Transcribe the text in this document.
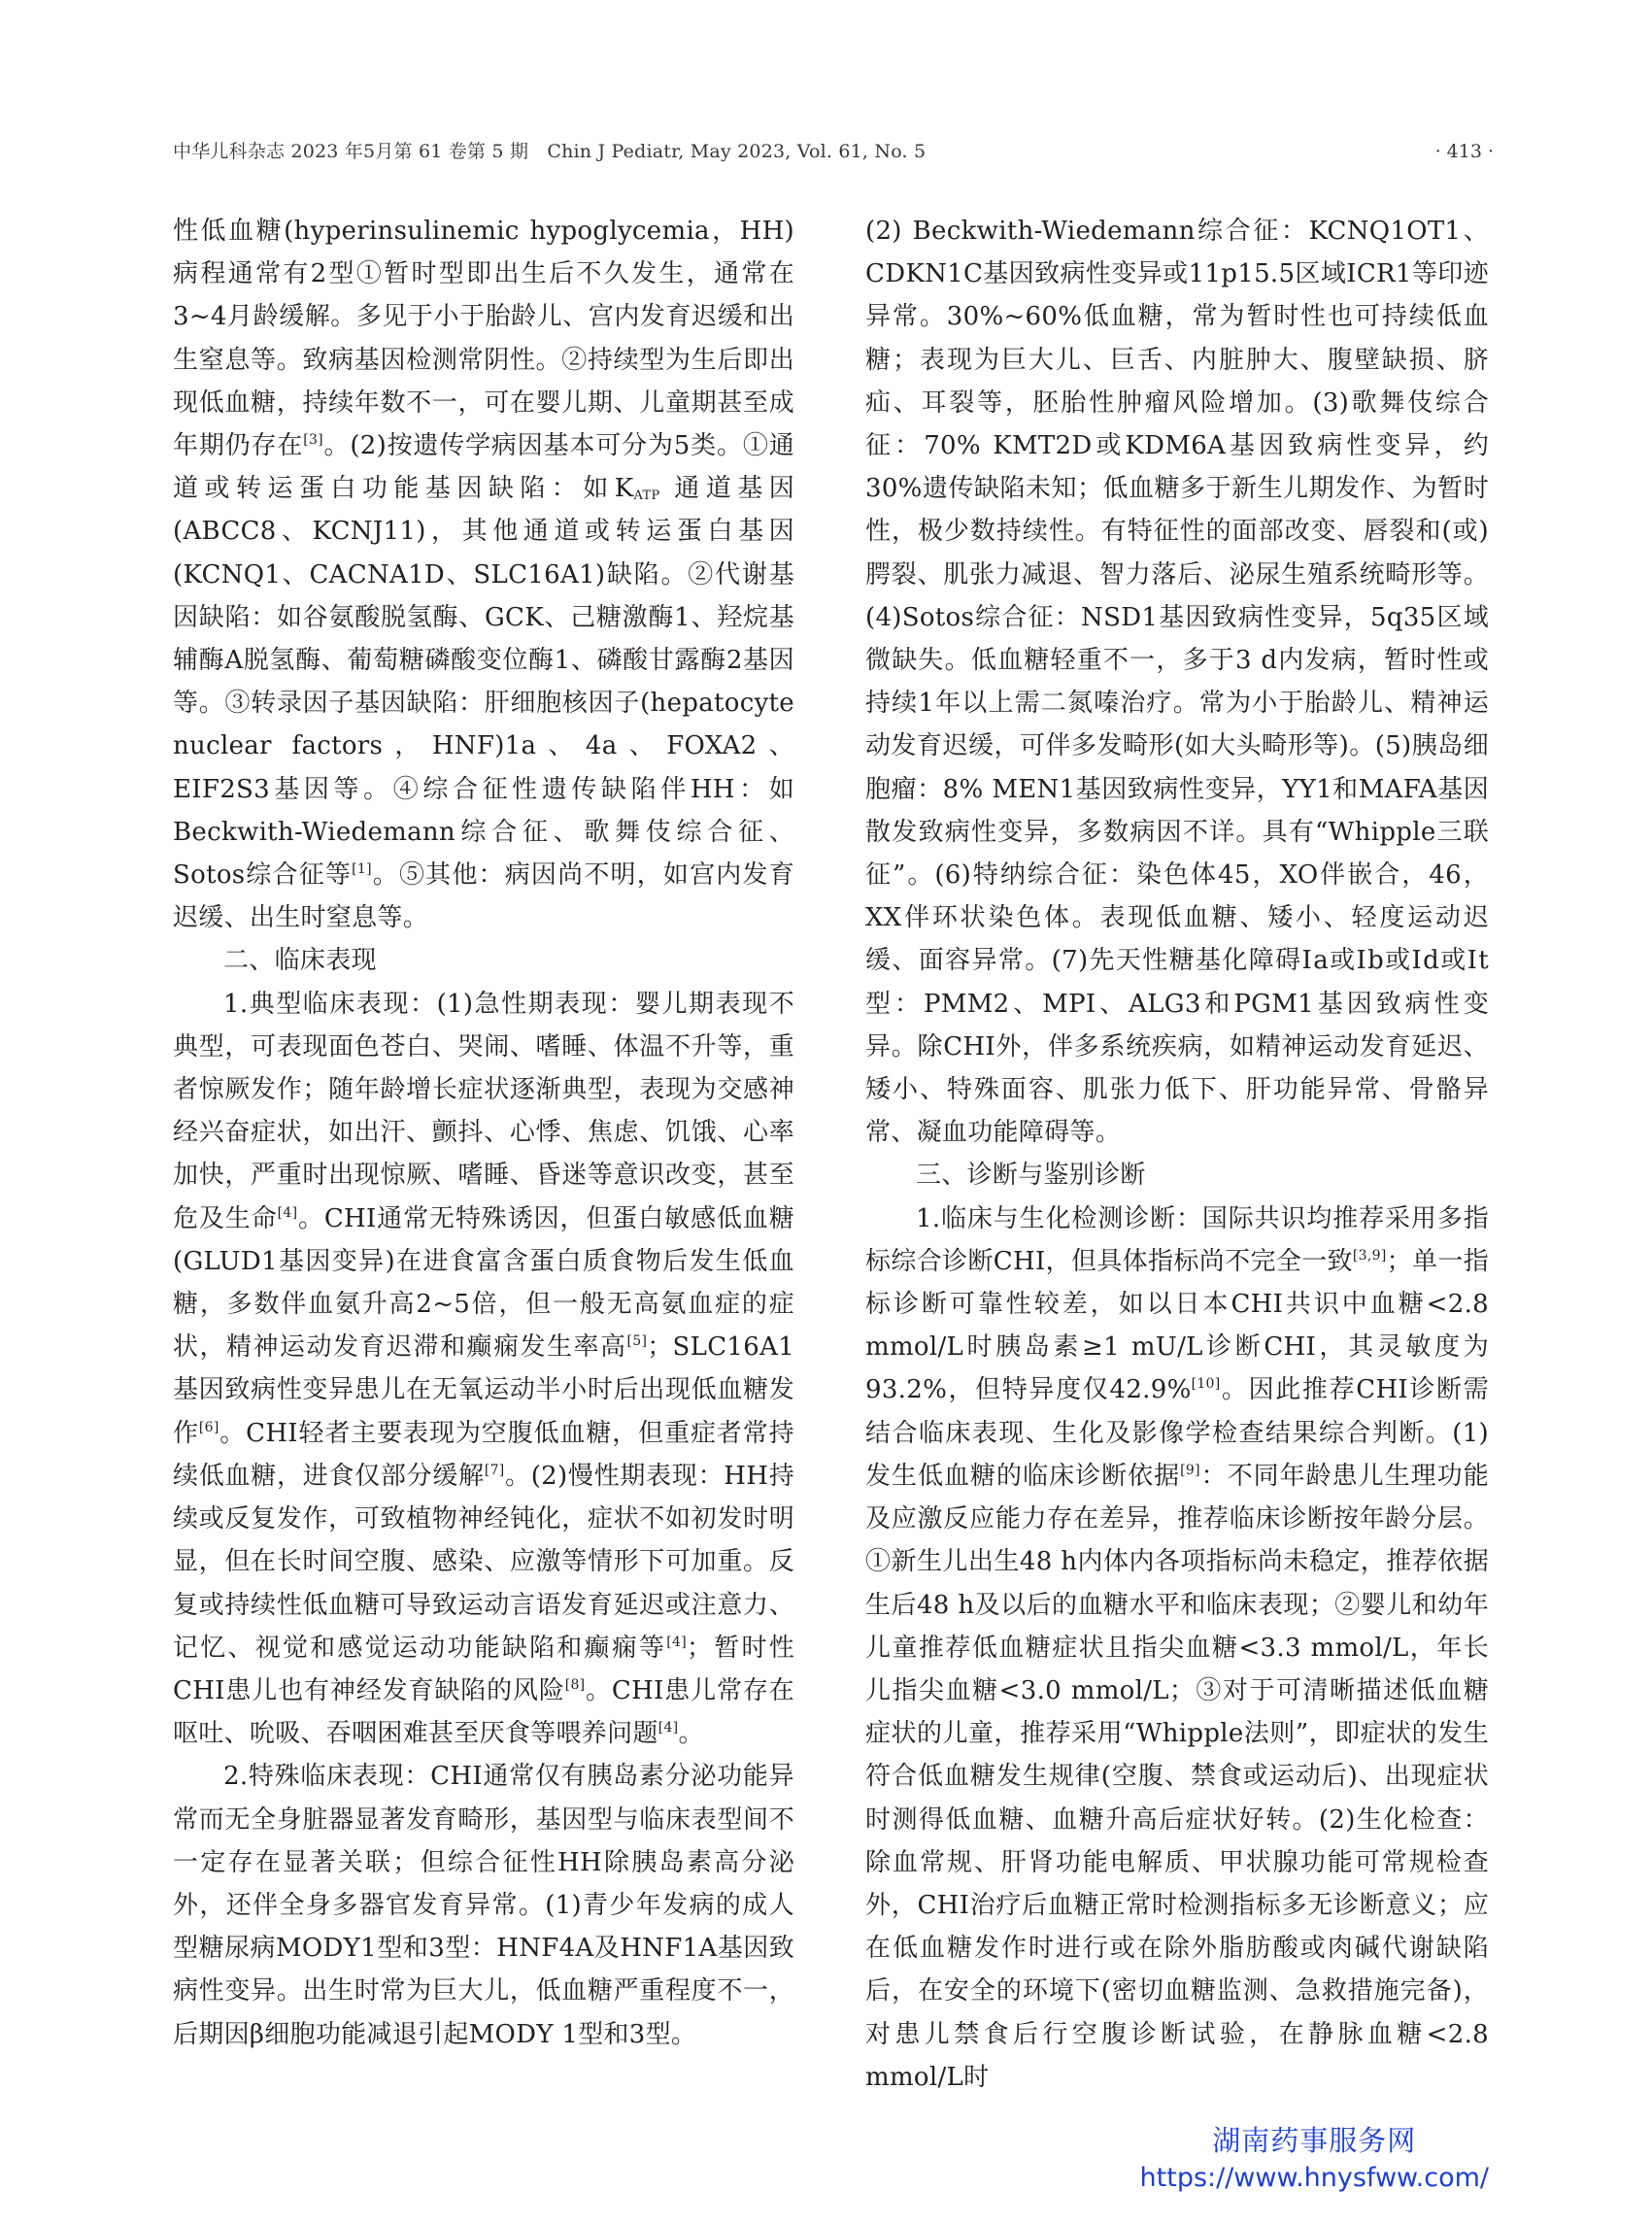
中华儿科杂志 2023 年5月第 61 卷第 5 期　Chin J Pediatr, May 2023, Vol. 61, No. 5	· 413 ·

性低血糖(hyperinsulinemic hypoglycemia，HH)病程通常有2型①暂时型即出生后不久发生，通常在3~4月龄缓解。多见于小于胎龄儿、宫内发育迟缓和出生窒息等。致病基因检测常阴性。②持续型为生后即出现低血糖，持续年数不一，可在婴儿期、儿童期甚至成年期仍存在[3]。(2)按遗传学病因基本可分为5类。①通道或转运蛋白功能基因缺陷：如$K_{ATP}$ 通道基因(ABCC8、KCNJ11)，其他通道或转运蛋白基因(KCNQ1、CACNA1D、SLC16A1)缺陷。②代谢基因缺陷：如谷氨酸脱氢酶、GCK、己糖激酶1、羟烷基辅酶A脱氢酶、葡萄糖磷酸变位酶1、磷酸甘露酶2基因等。③转录因子基因缺陷：肝细胞核因子(hepatocyte nuclear factors，HNF)1a、4a、FOXA2、EIF2S3基因等。④综合征性遗传缺陷伴HH：如Beckwith-Wiedemann综合征、歌舞伎综合征、Sotos综合征等[1]。⑤其他：病因尚不明，如宫内发育迟缓、出生时窒息等。

二、临床表现

1.典型临床表现：(1)急性期表现：婴儿期表现不典型，可表现面色苍白、哭闹、嗜睡、体温不升等，重者惊厥发作；随年龄增长症状逐渐典型，表现为交感神经兴奋症状，如出汗、颤抖、心悸、焦虑、饥饿、心率加快，严重时出现惊厥、嗜睡、昏迷等意识改变，甚至危及生命[4]。CHI通常无特殊诱因，但蛋白敏感低血糖(GLUD1基因变异)在进食富含蛋白质食物后发生低血糖，多数伴血氨升高2~5倍，但一般无高氨血症的症状，精神运动发育迟滞和癫痫发生率高[5]；SLC16A1基因致病性变异患儿在无氧运动半小时后出现低血糖发作[6]。CHI轻者主要表现为空腹低血糖，但重症者常持续低血糖，进食仅部分缓解[7]。(2)慢性期表现：HH持续或反复发作，可致植物神经钝化，症状不如初发时明显，但在长时间空腹、感染、应激等情形下可加重。反复或持续性低血糖可导致运动言语发育延迟或注意力、记忆、视觉和感觉运动功能缺陷和癫痫等[4]；暂时性CHI患儿也有神经发育缺陷的风险[8]。CHI患儿常存在呕吐、吮吸、吞咽困难甚至厌食等喂养问题[4]。

2.特殊临床表现：CHI通常仅有胰岛素分泌功能异常而无全身脏器显著发育畸形，基因型与临床表型间不一定存在显著关联；但综合征性HH除胰岛素高分泌外，还伴全身多器官发育异常。(1)青少年发病的成人型糖尿病MODY1型和3型：HNF4A及HNF1A基因致病性变异。出生时常为巨大儿，低血糖严重程度不一，后期因β细胞功能减退引起MODY 1型和3型。

(2) Beckwith-Wiedemann综合征：KCNQ1OT1、CDKN1C基因致病性变异或11p15.5区域ICR1等印迹异常。30%~60%低血糖，常为暂时性也可持续低血糖；表现为巨大儿、巨舌、内脏肿大、腹壁缺损、脐疝、耳裂等，胚胎性肿瘤风险增加。(3)歌舞伎综合征：70% KMT2D或KDM6A基因致病性变异，约30%遗传缺陷未知；低血糖多于新生儿期发作、为暂时性，极少数持续性。有特征性的面部改变、唇裂和(或)腭裂、肌张力减退、智力落后、泌尿生殖系统畸形等。(4)Sotos综合征：NSD1基因致病性变异，5q35区域微缺失。低血糖轻重不一，多于3 d内发病，暂时性或持续1年以上需二氮嗪治疗。常为小于胎龄儿、精神运动发育迟缓，可伴多发畸形(如大头畸形等)。(5)胰岛细胞瘤：8% MEN1基因致病性变异，YY1和MAFA基因散发致病性变异，多数病因不详。具有“Whipple三联征”。(6)特纳综合征：染色体45，XO伴嵌合，46，XX伴环状染色体。表现低血糖、矮小、轻度运动迟缓、面容异常。(7)先天性糖基化障碍Ⅰa或Ⅰb或Ⅰd或Ⅰt型：PMM2、MPI、ALG3和PGM1基因致病性变异。除CHI外，伴多系统疾病，如精神运动发育延迟、矮小、特殊面容、肌张力低下、肝功能异常、骨骼异常、凝血功能障碍等。

三、诊断与鉴别诊断

1.临床与生化检测诊断：国际共识均推荐采用多指标综合诊断CHI，但具体指标尚不完全一致[3,9]；单一指标诊断可靠性较差，如以日本CHI共识中血糖<2.8 mmol/L时胰岛素≥1 mU/L诊断CHI，其灵敏度为93.2%，但特异度仅42.9%[10]。因此推荐CHI诊断需结合临床表现、生化及影像学检查结果综合判断。(1)发生低血糖的临床诊断依据[9]：不同年龄患儿生理功能及应激反应能力存在差异，推荐临床诊断按年龄分层。①新生儿出生48 h内体内各项指标尚未稳定，推荐依据生后48 h及以后的血糖水平和临床表现；②婴儿和幼年儿童推荐低血糖症状且指尖血糖<3.3 mmol/L，年长儿指尖血糖<3.0 mmol/L；③对于可清晰描述低血糖症状的儿童，推荐采用“Whipple法则”，即症状的发生符合低血糖发生规律(空腹、禁食或运动后)、出现症状时测得低血糖、血糖升高后症状好转。(2)生化检查：除血常规、肝肾功能电解质、甲状腺功能可常规检查外，CHI治疗后血糖正常时检测指标多无诊断意义；应在低血糖发作时进行或在除外脂肪酸或肉碱代谢缺陷后，在安全的环境下(密切血糖监测、急救措施完备)，对患儿禁食后行空腹诊断试验，在静脉血糖<2.8 mmol/L时

湖南药事服务网
https://www.hnysfww.com/
